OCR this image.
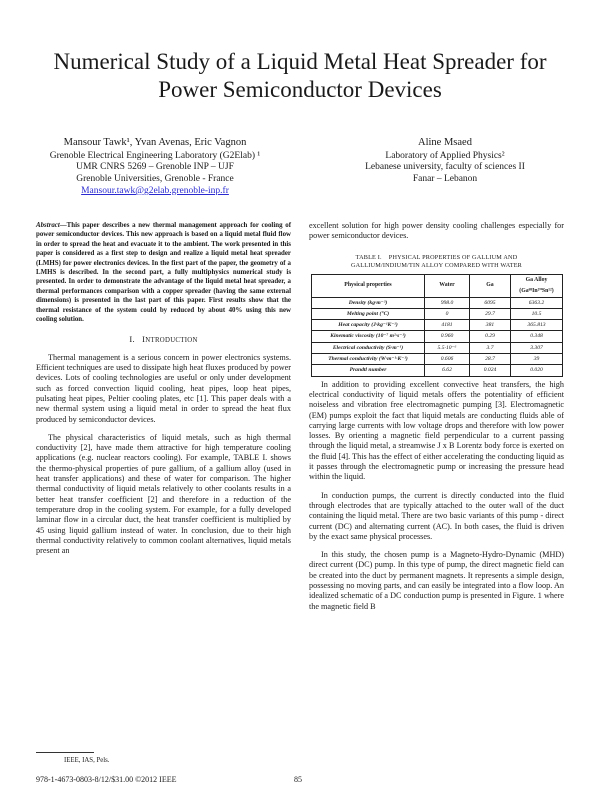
Numerical Study of a Liquid Metal Heat Spreader for
Power Semiconductor Devices
Mansour Tawk¹, Yvan Avenas, Eric Vagnon
Grenoble Electrical Engineering Laboratory (G2Elab) ¹
UMR CNRS 5269 – Grenoble INP – UJF
Grenoble Universities, Grenoble - France
Mansour.tawk@g2elab.grenoble-inp.fr
Aline Msaed
Laboratory of Applied Physics²
Lebanese university, faculty of sciences II
Fanar – Lebanon
Abstract—This paper describes a new thermal management approach for cooling of power semiconductor devices. This new approach is based on a liquid metal fluid flow in order to spread the heat and evacuate it to the ambient. The work presented in this paper is considered as a first step to design and realize a liquid metal heat spreader (LMHS) for power electronics devices. In the first part of the paper, the geometry of a LMHS is described. In the second part, a fully multiphysics numerical study is presented. In order to demonstrate the advantage of the liquid metal heat spreader, a thermal performances comparison with a copper spreader (having the same external dimensions) is presented in the last part of this paper. First results show that the thermal resistance of the system could by reduced by about 40% using this new cooling solution.
I. INTRODUCTION

Thermal management is a serious concern in power electronics systems. Efficient techniques are used to dissipate high heat fluxes produced by power devices. Lots of cooling technologies are useful or only under development such as forced convection liquid cooling, heat pipes, loop heat pipes, pulsating heat pipes, Peltier cooling plates, etc [1]. This paper deals with a new thermal system using a liquid metal in order to spread the heat flux produced by semiconductor devices.

The physical characteristics of liquid metals, such as high thermal conductivity [2], have made them attractive for high temperature cooling applications (e.g. nuclear reactors cooling). For example, TABLE I. shows the thermo-physical properties of pure gallium, of a gallium alloy (used in heat transfer applications) and these of water for comparison. The higher thermal conductivity of liquid metals relatively to other coolants results in a better heat transfer coefficient [2] and therefore in a reduction of the temperature drop in the cooling system. For example, for a fully developed laminar flow in a circular duct, the heat transfer coefficient is multiplied by 45 using liquid gallium instead of water. In conclusion, due to their high thermal conductivity relatively to common coolant alternatives, liquid metals present an

excellent solution for high power density cooling challenges especially for power semiconductor devices.

TABLE I. PHYSICAL PROPERTIES OF GALLIUM AND
GALLIUM/INDIUM/TIN ALLOY COMPARED WITH WATER
Physical properties	Water	Ga	Ga Alloy (Ga⁶⁸In²⁰Sn¹²)
Density (kg·m⁻³)	998.0	6095	6363.2
Melting point (°C)	0	29.7	10.5
Heat capacity (J·kg⁻¹K⁻¹)	4181	381	365.813
Kinematic viscosity (10⁻⁷ m²·s⁻¹)	0.960	0.29	0.348
Electrical conductivity (S·m⁻¹)	5.5·10⁻⁶	3.7	3.307
Thermal conductivity (W·m⁻¹·K⁻¹)	0.606	28.7	39
Prandtl number	6.62	0.024	0.020

In addition to providing excellent convective heat transfers, the high electrical conductivity of liquid metals offers the potentiality of efficient noiseless and vibration free electromagnetic pumping [3]. Electromagnetic (EM) pumps exploit the fact that liquid metals are conducting fluids able of carrying large currents with low voltage drops and therefore with low power losses. By orienting a magnetic field perpendicular to a current passing through the liquid metal, a streamwise J x B Lorentz body force is exerted on the fluid [4]. This has the effect of either accelerating the conducting liquid as it passes through the electromagnetic pump or increasing the pressure head within the liquid.

In conduction pumps, the current is directly conducted into the fluid through electrodes that are typically attached to the outer wall of the duct containing the liquid metal. There are two basic variants of this pump - direct current (DC) and alternating current (AC). In both cases, the fluid is driven by the exact same physical processes.

In this study, the chosen pump is a Magneto-Hydro-Dynamic (MHD) direct current (DC) pump. In this type of pump, the direct magnetic field can be created into the duct by permanent magnets. It represents a simple design, possessing no moving parts, and can easily be integrated into a flow loop. An idealized schematic of a DC conduction pump is presented in Figure. 1 where the magnetic field B

IEEE, IAS, Pels.
978-1-4673-0803-8/12/$31.00 ©2012 IEEE	85
